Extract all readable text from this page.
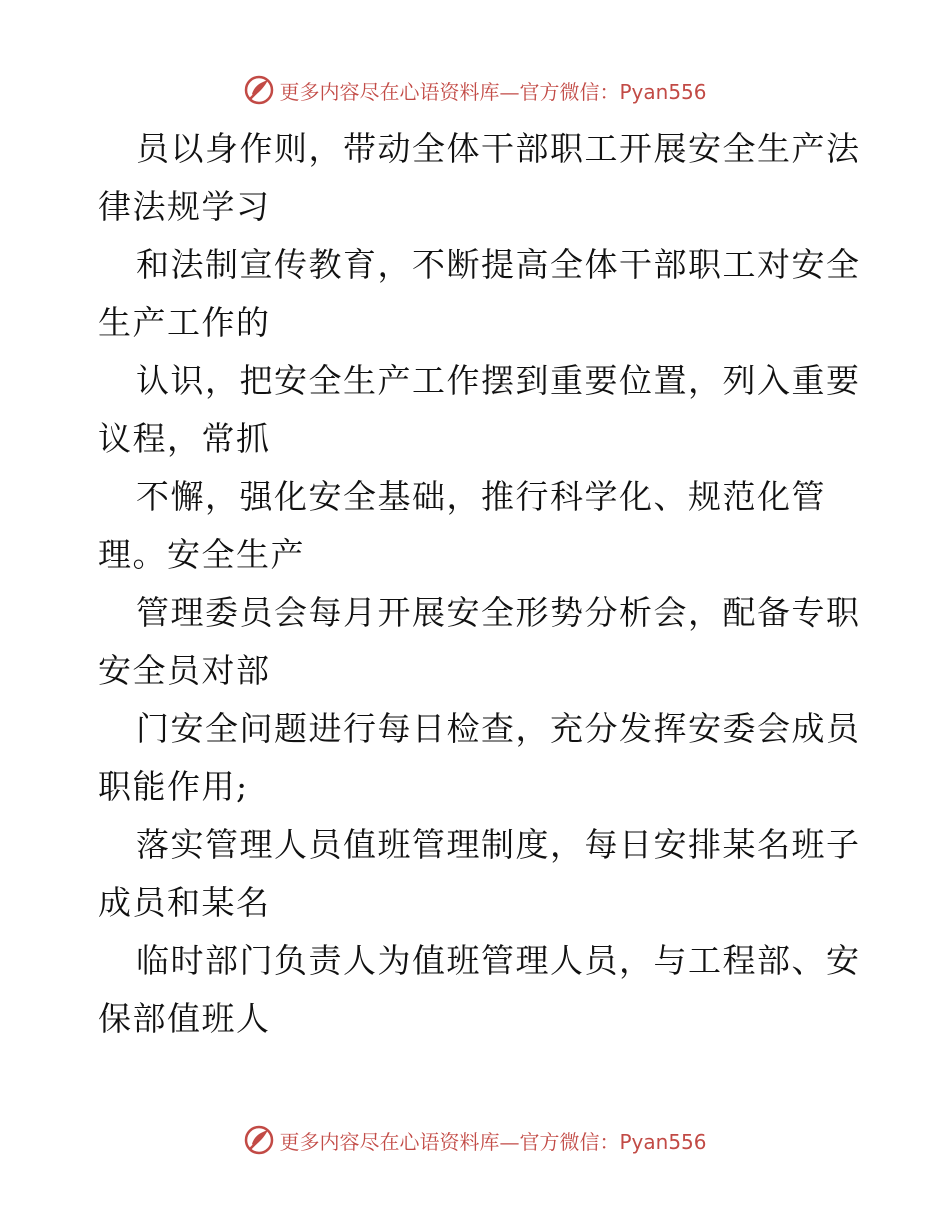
更多内容尽在心语资料库—官方微信：Pyan556

员以身作则，带动全体干部职工开展安全生产法
律法规学习

和法制宣传教育，不断提高全体干部职工对安全
生产工作的

认识，把安全生产工作摆到重要位置，列入重要
议程，常抓

不懈，强化安全基础，推行科学化、规范化管
理。安全生产

管理委员会每月开展安全形势分析会，配备专职
安全员对部

门安全问题进行每日检查，充分发挥安委会成员
职能作用;

落实管理人员值班管理制度，每日安排某名班子
成员和某名

临时部门负责人为值班管理人员，与工程部、安
保部值班人

更多内容尽在心语资料库—官方微信：Pyan556
